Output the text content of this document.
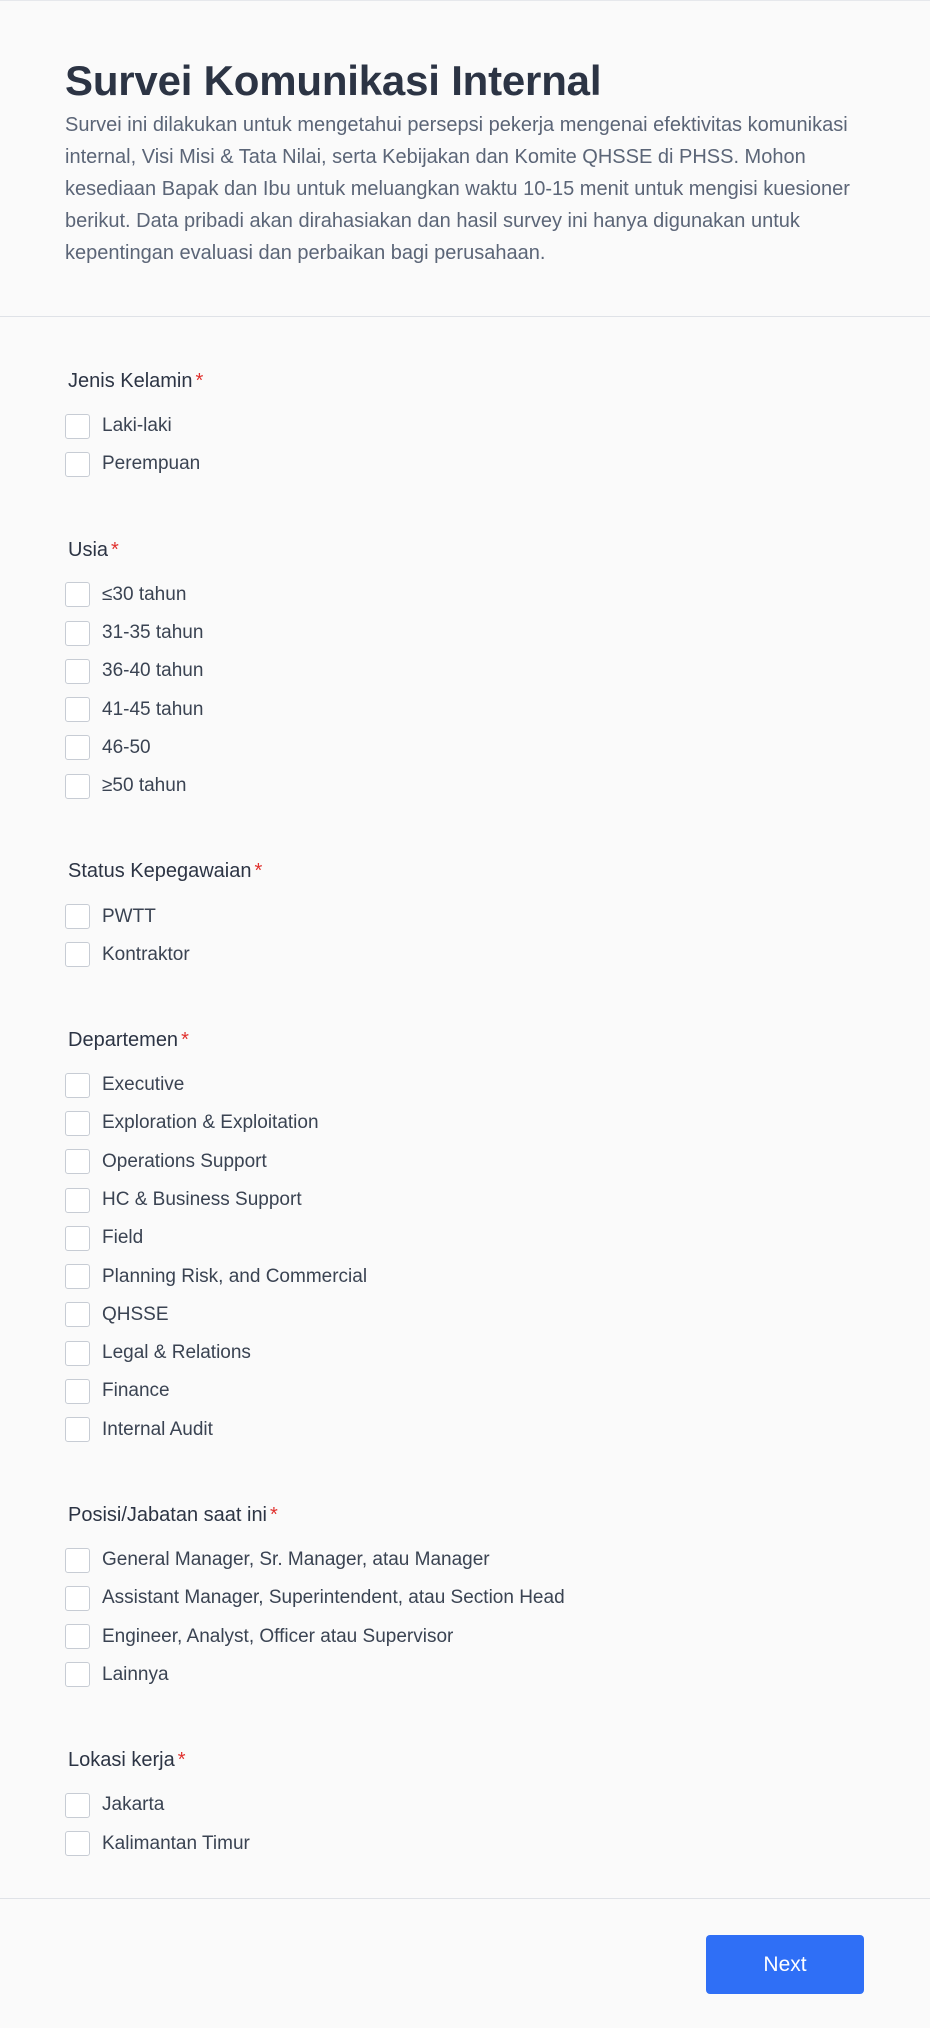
Survei Komunikasi Internal

Survei ini dilakukan untuk mengetahui persepsi pekerja mengenai efektivitas komunikasi internal, Visi Misi & Tata Nilai, serta Kebijakan dan Komite QHSSE di PHSS. Mohon kesediaan Bapak dan Ibu untuk meluangkan waktu 10-15 menit untuk mengisi kuesioner berikut. Data pribadi akan dirahasiakan dan hasil survey ini hanya digunakan untuk kepentingan evaluasi dan perbaikan bagi perusahaan.

Jenis Kelamin *
Laki-laki
Perempuan
Usia *
≤30 tahun
31-35 tahun
36-40 tahun
41-45 tahun
46-50
≥50 tahun
Status Kepegawaian *
PWTT
Kontraktor
Departemen *
Executive
Exploration & Exploitation
Operations Support
HC & Business Support
Field
Planning Risk, and Commercial
QHSSE
Legal & Relations
Finance
Internal Audit
Posisi/Jabatan saat ini *
General Manager, Sr. Manager, atau Manager
Assistant Manager, Superintendent, atau Section Head
Engineer, Analyst, Officer atau Supervisor
Lainnya
Lokasi kerja *
Jakarta
Kalimantan Timur
Next
